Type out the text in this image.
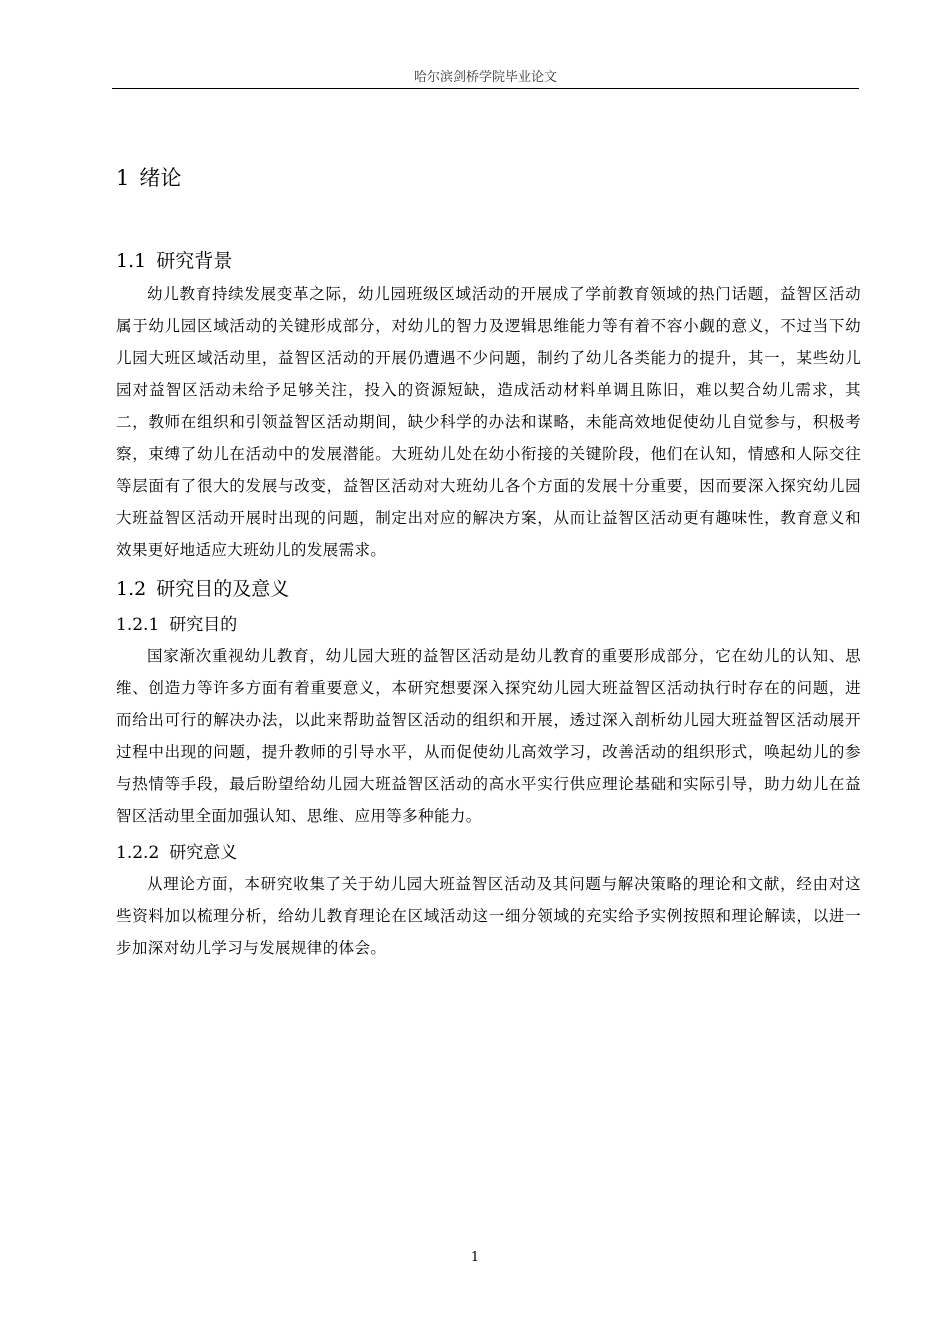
哈尔滨剑桥学院毕业论文
1 绪论
1.1 研究背景

幼儿教育持续发展变革之际，幼儿园班级区域活动的开展成了学前教育领域的热门话题，益智区活动属于幼儿园区域活动的关键形成部分，对幼儿的智力及逻辑思维能力等有着不容小觑的意义，不过当下幼儿园大班区域活动里，益智区活动的开展仍遭遇不少问题，制约了幼儿各类能力的提升，其一，某些幼儿园对益智区活动未给予足够关注，投入的资源短缺，造成活动材料单调且陈旧，难以契合幼儿需求，其二，教师在组织和引领益智区活动期间，缺少科学的办法和谋略，未能高效地促使幼儿自觉参与，积极考察，束缚了幼儿在活动中的发展潜能。大班幼儿处在幼小衔接的关键阶段，他们在认知，情感和人际交往等层面有了很大的发展与改变，益智区活动对大班幼儿各个方面的发展十分重要，因而要深入探究幼儿园大班益智区活动开展时出现的问题，制定出对应的解决方案，从而让益智区活动更有趣味性，教育意义和效果更好地适应大班幼儿的发展需求。

1.2 研究目的及意义
1.2.1 研究目的

国家渐次重视幼儿教育，幼儿园大班的益智区活动是幼儿教育的重要形成部分，它在幼儿的认知、思维、创造力等许多方面有着重要意义，本研究想要深入探究幼儿园大班益智区活动执行时存在的问题，进而给出可行的解决办法，以此来帮助益智区活动的组织和开展，透过深入剖析幼儿园大班益智区活动展开过程中出现的问题，提升教师的引导水平，从而促使幼儿高效学习，改善活动的组织形式，唤起幼儿的参与热情等手段，最后盼望给幼儿园大班益智区活动的高水平实行供应理论基础和实际引导，助力幼儿在益智区活动里全面加强认知、思维、应用等多种能力。

1.2.2 研究意义

从理论方面，本研究收集了关于幼儿园大班益智区活动及其问题与解决策略的理论和文献，经由对这些资料加以梳理分析，给幼儿教育理论在区域活动这一细分领域的充实给予实例按照和理论解读，以进一步加深对幼儿学习与发展规律的体会。

1
